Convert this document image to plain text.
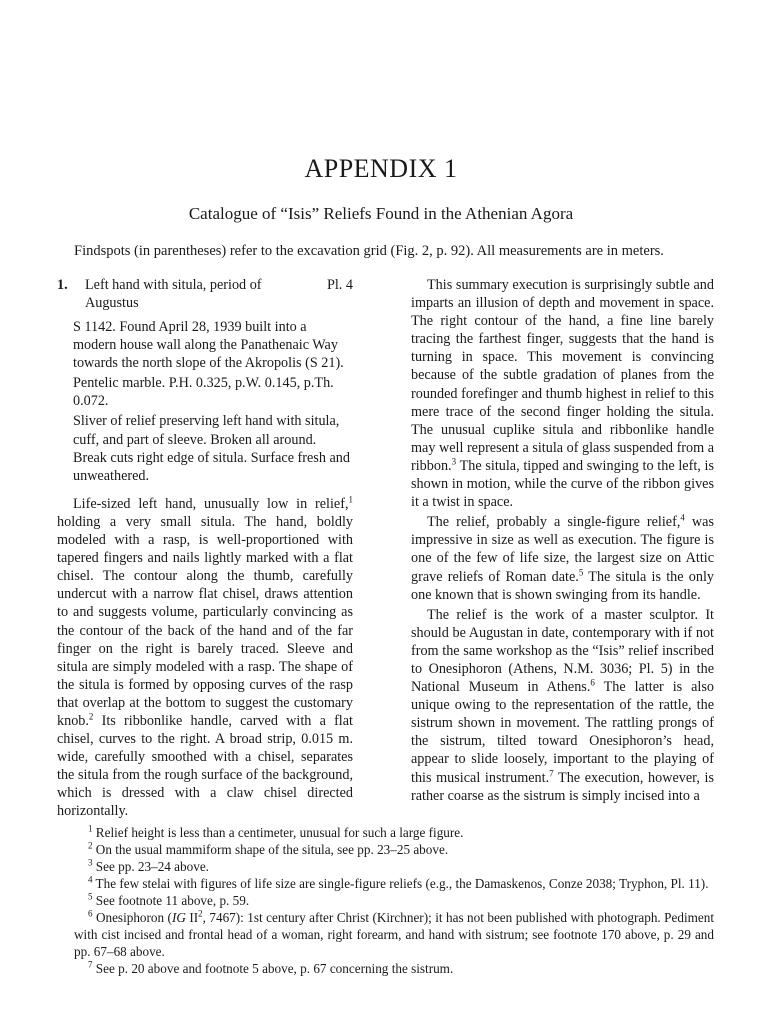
APPENDIX 1
Catalogue of “Isis” Reliefs Found in the Athenian Agora

Findspots (in parentheses) refer to the excavation grid (Fig. 2, p. 92). All measurements are in meters.

1. Left hand with situla, period of Augustus
Pl. 4

S 1142. Found April 28, 1939 built into a modern house wall along the Panathenaic Way towards the north slope of the Akropolis (S 21).

Pentelic marble. P.H. 0.325, p.W. 0.145, p.Th. 0.072.

Sliver of relief preserving left hand with situla, cuff, and part of sleeve. Broken all around. Break cuts right edge of situla. Surface fresh and unweathered.

Life-sized left hand, unusually low in relief,$^1$ holding a very small situla. The hand, boldly modeled with a rasp, is well-proportioned with tapered fingers and nails lightly marked with a flat chisel. The contour along the thumb, carefully undercut with a narrow flat chisel, draws attention to and suggests volume, particularly convincing as the contour of the back of the hand and of the far finger on the right is barely traced. Sleeve and situla are simply modeled with a rasp. The shape of the situla is formed by opposing curves of the rasp that overlap at the bottom to suggest the customary knob.$^2$ Its ribbonlike handle, carved with a flat chisel, curves to the right. A broad strip, 0.015 m. wide, carefully smoothed with a chisel, separates the situla from the rough surface of the background, which is dressed with a claw chisel directed horizontally.

This summary execution is surprisingly subtle and imparts an illusion of depth and movement in space. The right contour of the hand, a fine line barely tracing the farthest finger, suggests that the hand is turning in space. This movement is convincing because of the subtle gradation of planes from the rounded forefinger and thumb highest in relief to this mere trace of the second finger holding the situla. The unusual cuplike situla and ribbonlike handle may well represent a situla of glass suspended from a ribbon.$^3$ The situla, tipped and swinging to the left, is shown in motion, while the curve of the ribbon gives it a twist in space.

The relief, probably a single-figure relief,$^4$ was impressive in size as well as execution. The figure is one of the few of life size, the largest size on Attic grave reliefs of Roman date.$^5$ The situla is the only one known that is shown swinging from its handle.

The relief is the work of a master sculptor. It should be Augustan in date, contemporary with if not from the same workshop as the “Isis” relief inscribed to Onesiphoron (Athens, N.M. 3036; Pl. 5) in the National Museum in Athens.$^6$ The latter is also unique owing to the representation of the rattle, the sistrum shown in movement. The rattling prongs of the sistrum, tilted toward Onesiphoron’s head, appear to slide loosely, important to the playing of this musical instrument.$^7$ The execution, however, is rather coarse as the sistrum is simply incised into a

$^1$ Relief height is less than a centimeter, unusual for such a large figure.

$^2$ On the usual mammiform shape of the situla, see pp. 23–25 above.

$^3$ See pp. 23–24 above.

$^4$ The few stelai with figures of life size are single-figure reliefs (e.g., the Damaskenos, Conze 2038; Tryphon, Pl. 11).

$^5$ See footnote 11 above, p. 59.

$^6$ Onesiphoron (IG $II^2$, 7467): 1st century after Christ (Kirchner); it has not been published with photograph. Pediment with cist incised and frontal head of a woman, right forearm, and hand with sistrum; see footnote 170 above, p. 29 and pp. 67–68 above.

$^7$ See p. 20 above and footnote 5 above, p. 67 concerning the sistrum.
